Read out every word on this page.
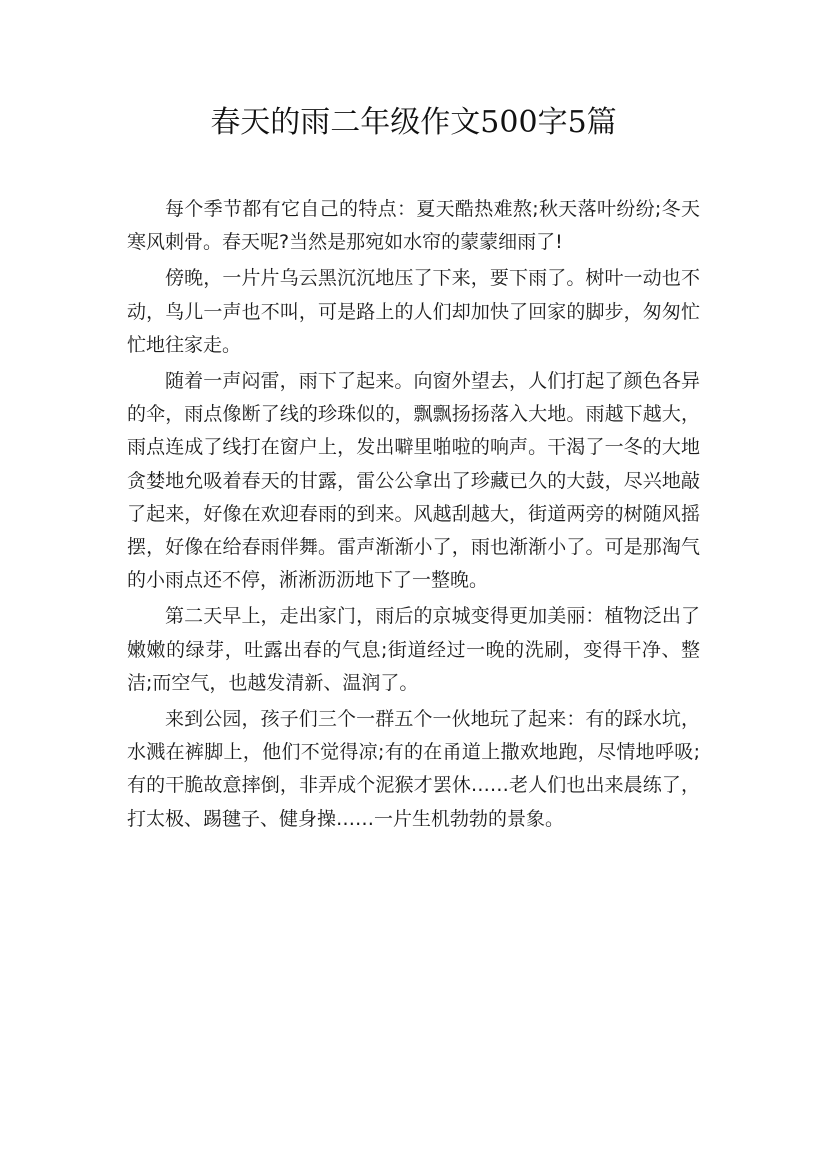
春天的雨二年级作文500字5篇

每个季节都有它自己的特点：夏天酷热难熬;秋天落叶纷纷;冬天寒风刺骨。春天呢?当然是那宛如水帘的蒙蒙细雨了!

傍晚，一片片乌云黑沉沉地压了下来，要下雨了。树叶一动也不动，鸟儿一声也不叫，可是路上的人们却加快了回家的脚步，匆匆忙忙地往家走。

随着一声闷雷，雨下了起来。向窗外望去，人们打起了颜色各异的伞，雨点像断了线的珍珠似的，飘飘扬扬落入大地。雨越下越大，雨点连成了线打在窗户上，发出噼里啪啦的响声。干渴了一冬的大地贪婪地允吸着春天的甘露，雷公公拿出了珍藏已久的大鼓，尽兴地敲了起来，好像在欢迎春雨的到来。风越刮越大，街道两旁的树随风摇摆，好像在给春雨伴舞。雷声渐渐小了，雨也渐渐小了。可是那淘气的小雨点还不停，淅淅沥沥地下了一整晚。

第二天早上，走出家门，雨后的京城变得更加美丽：植物泛出了嫩嫩的绿芽，吐露出春的气息;街道经过一晚的洗刷，变得干净、整洁;而空气，也越发清新、温润了。

来到公园，孩子们三个一群五个一伙地玩了起来：有的踩水坑，水溅在裤脚上，他们不觉得凉;有的在甬道上撒欢地跑，尽情地呼吸;有的干脆故意摔倒，非弄成个泥猴才罢休……老人们也出来晨练了，打太极、踢毽子、健身操……一片生机勃勃的景象。
